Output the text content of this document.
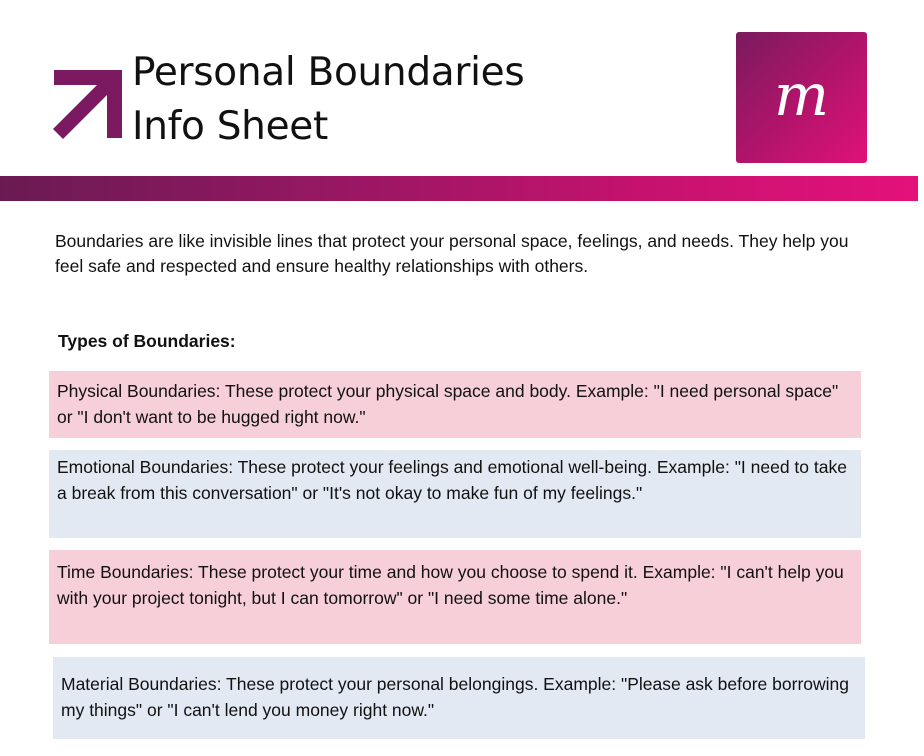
Personal Boundaries
Info Sheet	m

Boundaries are like invisible lines that protect your personal space, feelings, and needs. They help you feel safe and respected and ensure healthy relationships with others.

Types of Boundaries:
Physical Boundaries: These protect your physical space and body. Example: "I need personal space" or "I don't want to be hugged right now."
Emotional Boundaries: These protect your feelings and emotional well-being. Example: "I need to take a break from this conversation" or "It's not okay to make fun of my feelings."
Time Boundaries: These protect your time and how you choose to spend it. Example: "I can't help you with your project tonight, but I can tomorrow" or "I need some time alone."
Material Boundaries: These protect your personal belongings. Example: "Please ask before borrowing my things" or "I can't lend you money right now."
